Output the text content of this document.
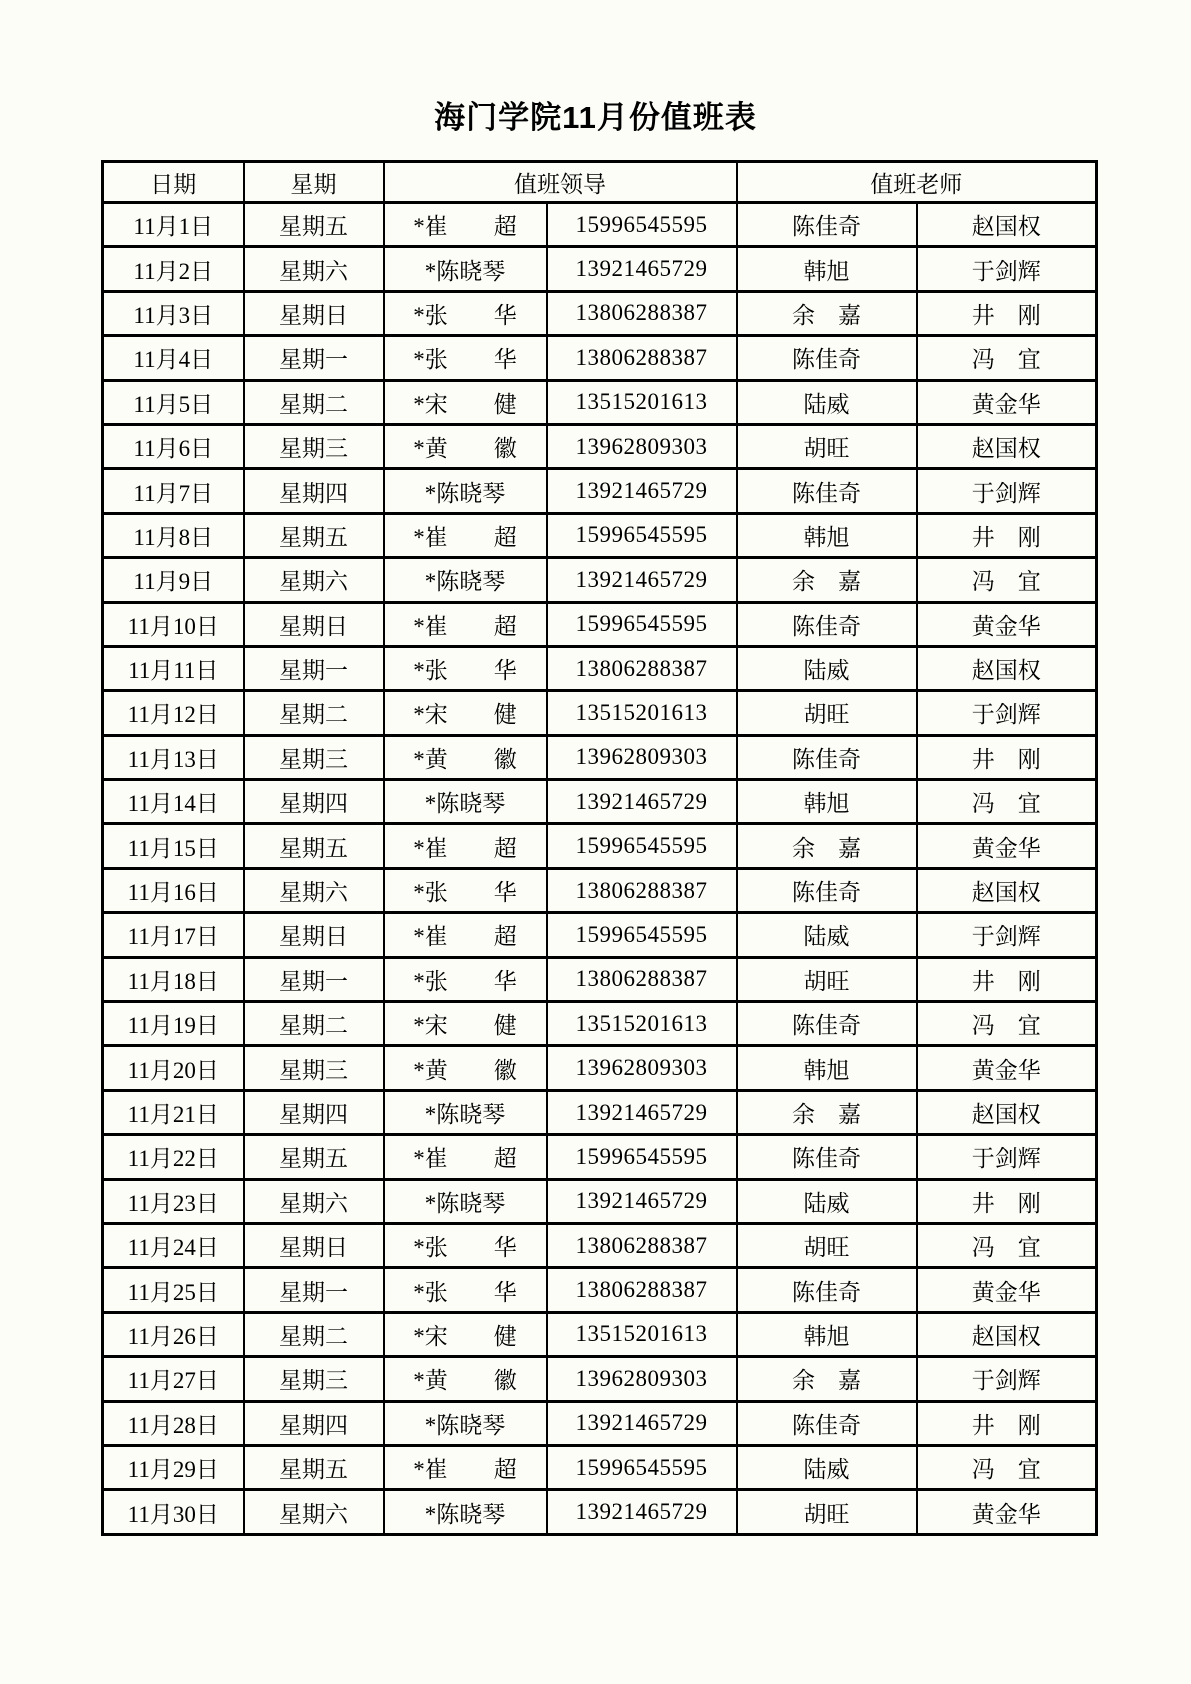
海门学院11月份值班表
日期	星期	值班领导		值班老师	
11月1日	星期五	*崔　　超	15996545595	陈佳奇	赵国权
11月2日	星期六	*陈晓琴	13921465729	韩旭	于剑辉
11月3日	星期日	*张　　华	13806288387	余　嘉	井　刚
11月4日	星期一	*张　　华	13806288387	陈佳奇	冯　宜
11月5日	星期二	*宋　　健	13515201613	陆威	黄金华
11月6日	星期三	*黄　　徽	13962809303	胡旺	赵国权
11月7日	星期四	*陈晓琴	13921465729	陈佳奇	于剑辉
11月8日	星期五	*崔　　超	15996545595	韩旭	井　刚
11月9日	星期六	*陈晓琴	13921465729	余　嘉	冯　宜
11月10日	星期日	*崔　　超	15996545595	陈佳奇	黄金华
11月11日	星期一	*张　　华	13806288387	陆威	赵国权
11月12日	星期二	*宋　　健	13515201613	胡旺	于剑辉
11月13日	星期三	*黄　　徽	13962809303	陈佳奇	井　刚
11月14日	星期四	*陈晓琴	13921465729	韩旭	冯　宜
11月15日	星期五	*崔　　超	15996545595	余　嘉	黄金华
11月16日	星期六	*张　　华	13806288387	陈佳奇	赵国权
11月17日	星期日	*崔　　超	15996545595	陆威	于剑辉
11月18日	星期一	*张　　华	13806288387	胡旺	井　刚
11月19日	星期二	*宋　　健	13515201613	陈佳奇	冯　宜
11月20日	星期三	*黄　　徽	13962809303	韩旭	黄金华
11月21日	星期四	*陈晓琴	13921465729	余　嘉	赵国权
11月22日	星期五	*崔　　超	15996545595	陈佳奇	于剑辉
11月23日	星期六	*陈晓琴	13921465729	陆威	井　刚
11月24日	星期日	*张　　华	13806288387	胡旺	冯　宜
11月25日	星期一	*张　　华	13806288387	陈佳奇	黄金华
11月26日	星期二	*宋　　健	13515201613	韩旭	赵国权
11月27日	星期三	*黄　　徽	13962809303	余　嘉	于剑辉
11月28日	星期四	*陈晓琴	13921465729	陈佳奇	井　刚
11月29日	星期五	*崔　　超	15996545595	陆威	冯　宜
11月30日	星期六	*陈晓琴	13921465729	胡旺	黄金华
